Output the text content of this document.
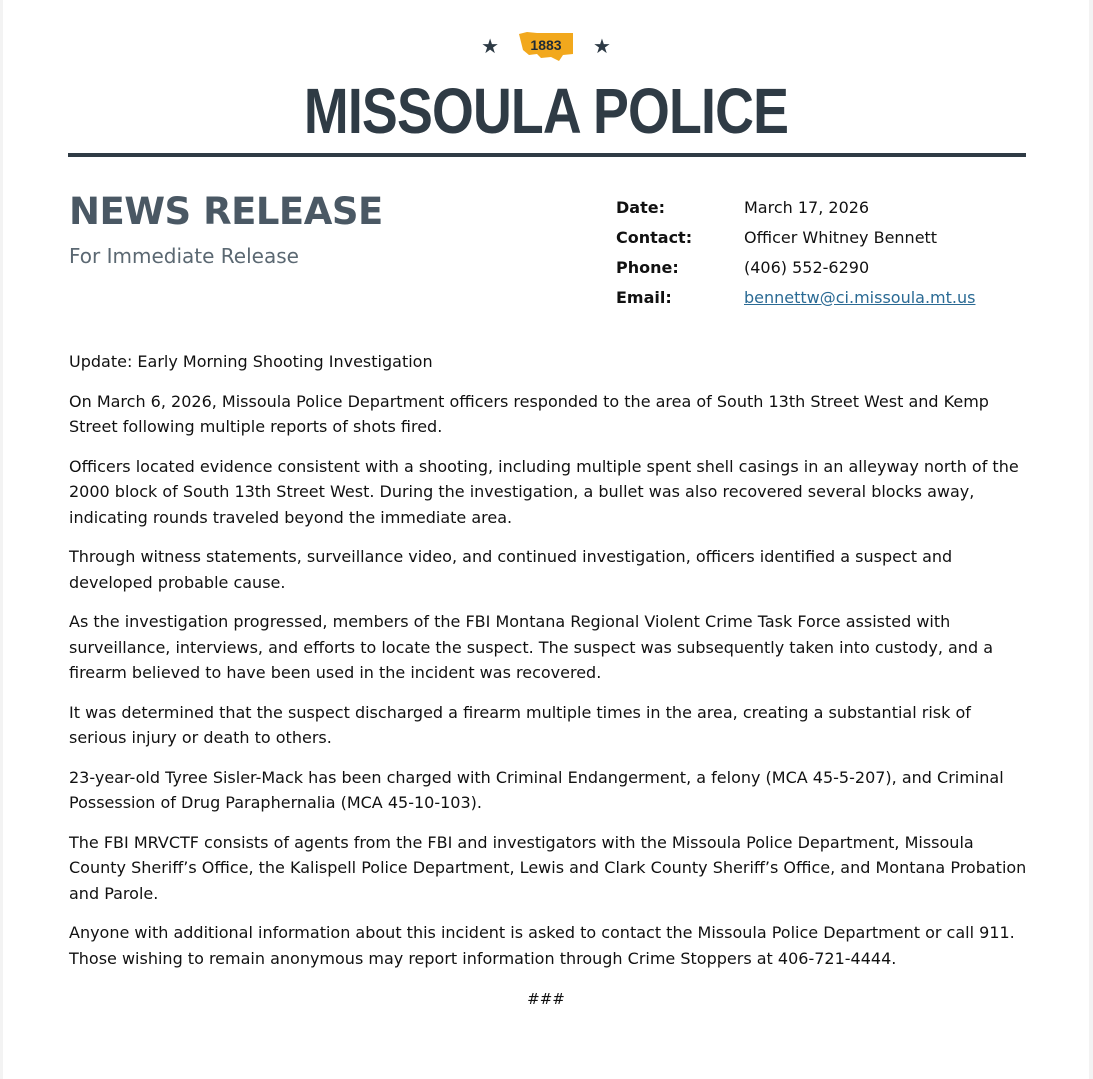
★	1883	★
MISSOULA POLICE
NEWS RELEASE
For Immediate Release
Date:	March 17, 2026
Contact:	Officer Whitney Bennett
Phone:	(406) 552-6290
Email:	bennettw@ci.missoula.mt.us

Update: Early Morning Shooting Investigation

On March 6, 2026, Missoula Police Department officers responded to the area of South 13th Street West and Kemp Street following multiple reports of shots fired.

Officers located evidence consistent with a shooting, including multiple spent shell casings in an alleyway north of the 2000 block of South 13th Street West. During the investigation, a bullet was also recovered several blocks away, indicating rounds traveled beyond the immediate area.

Through witness statements, surveillance video, and continued investigation, officers identified a suspect and developed probable cause.

As the investigation progressed, members of the FBI Montana Regional Violent Crime Task Force assisted with surveillance, interviews, and efforts to locate the suspect. The suspect was subsequently taken into custody, and a firearm believed to have been used in the incident was recovered.

It was determined that the suspect discharged a firearm multiple times in the area, creating a substantial risk of serious injury or death to others.

23-year-old Tyree Sisler-Mack has been charged with Criminal Endangerment, a felony (MCA 45-5-207), and Criminal Possession of Drug Paraphernalia (MCA 45-10-103).

The FBI MRVCTF consists of agents from the FBI and investigators with the Missoula Police Department, Missoula County Sheriff’s Office, the Kalispell Police Department, Lewis and Clark County Sheriff’s Office, and Montana Probation and Parole.

Anyone with additional information about this incident is asked to contact the Missoula Police Department or call 911. Those wishing to remain anonymous may report information through Crime Stoppers at 406-721-4444.

###
